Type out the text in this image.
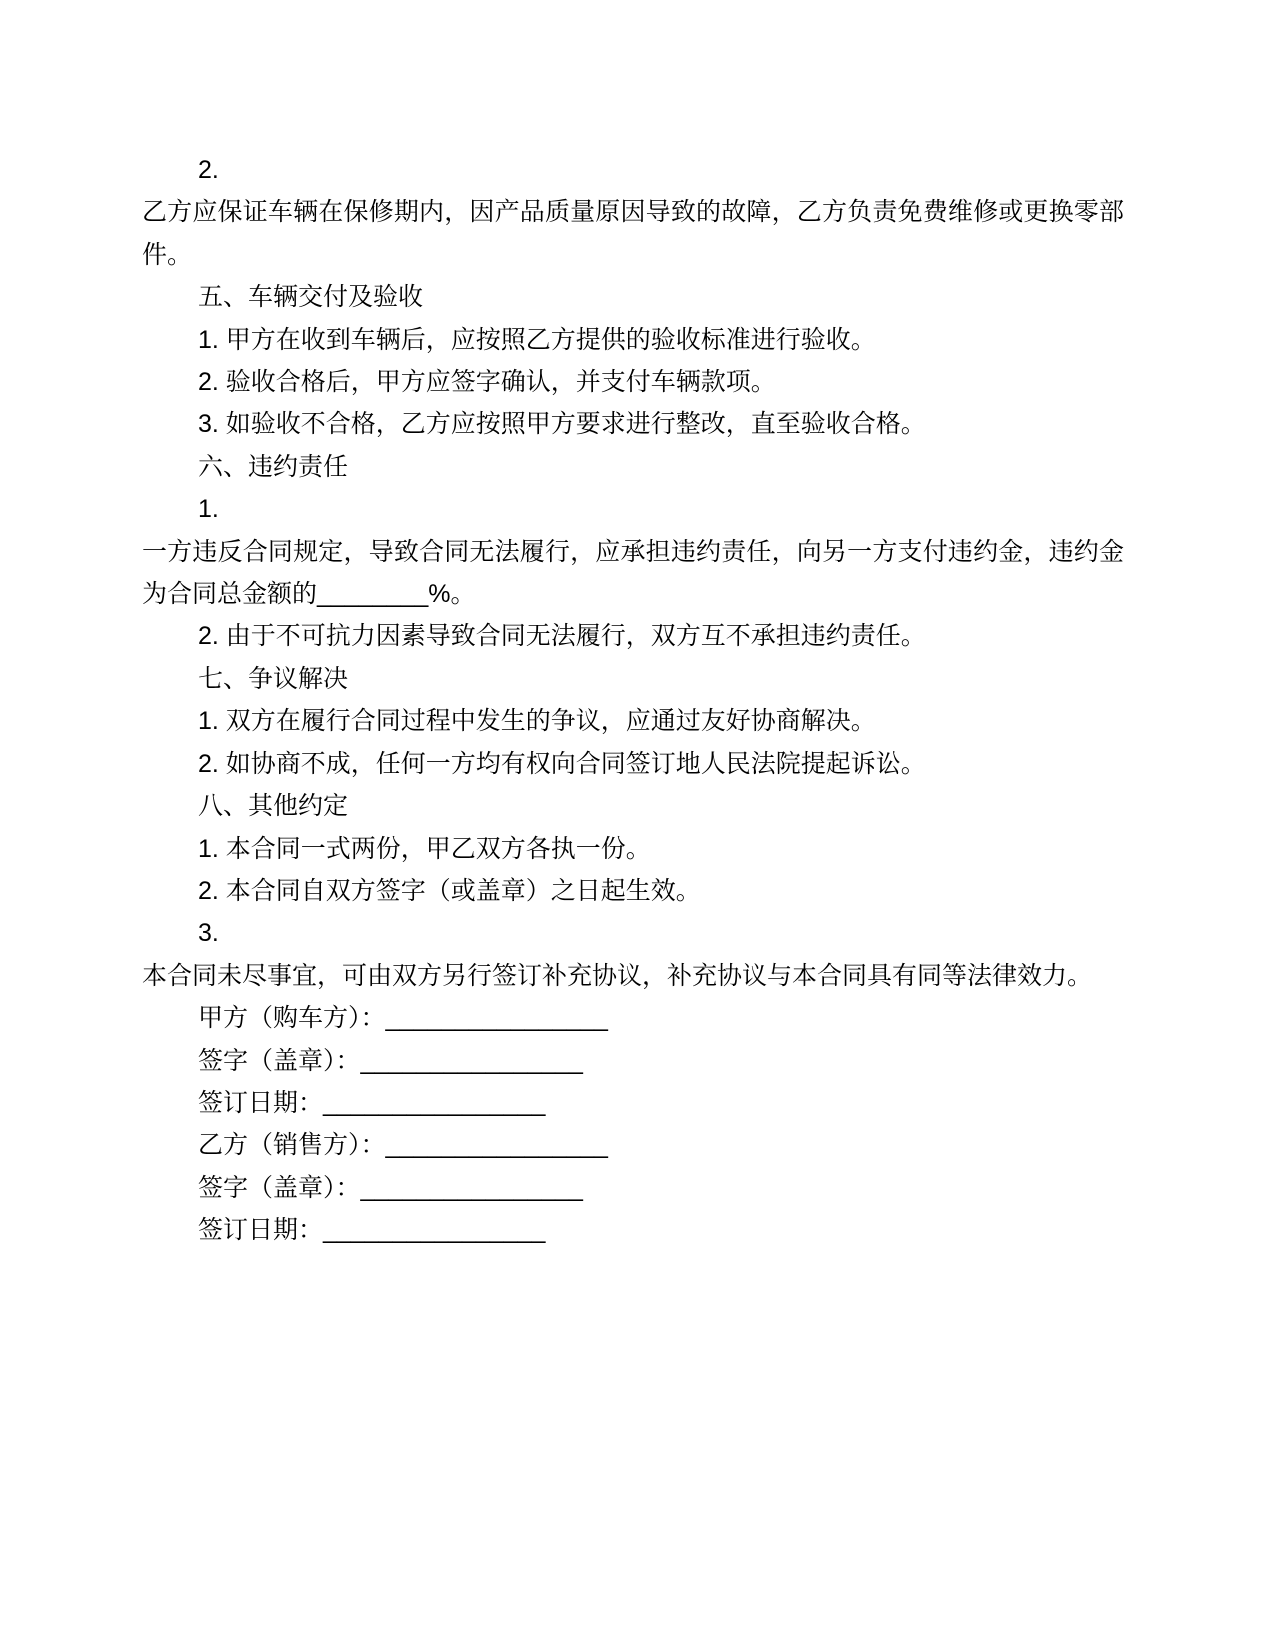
2.
乙方应保证车辆在保修期内，因产品质量原因导致的故障，乙方负责免费维修或更换零部
件。
五、车辆交付及验收
1. 甲方在收到车辆后，应按照乙方提供的验收标准进行验收。
2. 验收合格后，甲方应签字确认，并支付车辆款项。
3. 如验收不合格，乙方应按照甲方要求进行整改，直至验收合格。
六、违约责任
1.
一方违反合同规定，导致合同无法履行，应承担违约责任，向另一方支付违约金，违约金
为合同总金额的________%。
2. 由于不可抗力因素导致合同无法履行，双方互不承担违约责任。
七、争议解决
1. 双方在履行合同过程中发生的争议，应通过友好协商解决。
2. 如协商不成，任何一方均有权向合同签订地人民法院提起诉讼。
八、其他约定
1. 本合同一式两份，甲乙双方各执一份。
2. 本合同自双方签字（或盖章）之日起生效。
3.
本合同未尽事宜，可由双方另行签订补充协议，补充协议与本合同具有同等法律效力。
甲方（购车方）：________________
签字（盖章）：________________
签订日期：________________
乙方（销售方）：________________
签字（盖章）：________________
签订日期：________________
